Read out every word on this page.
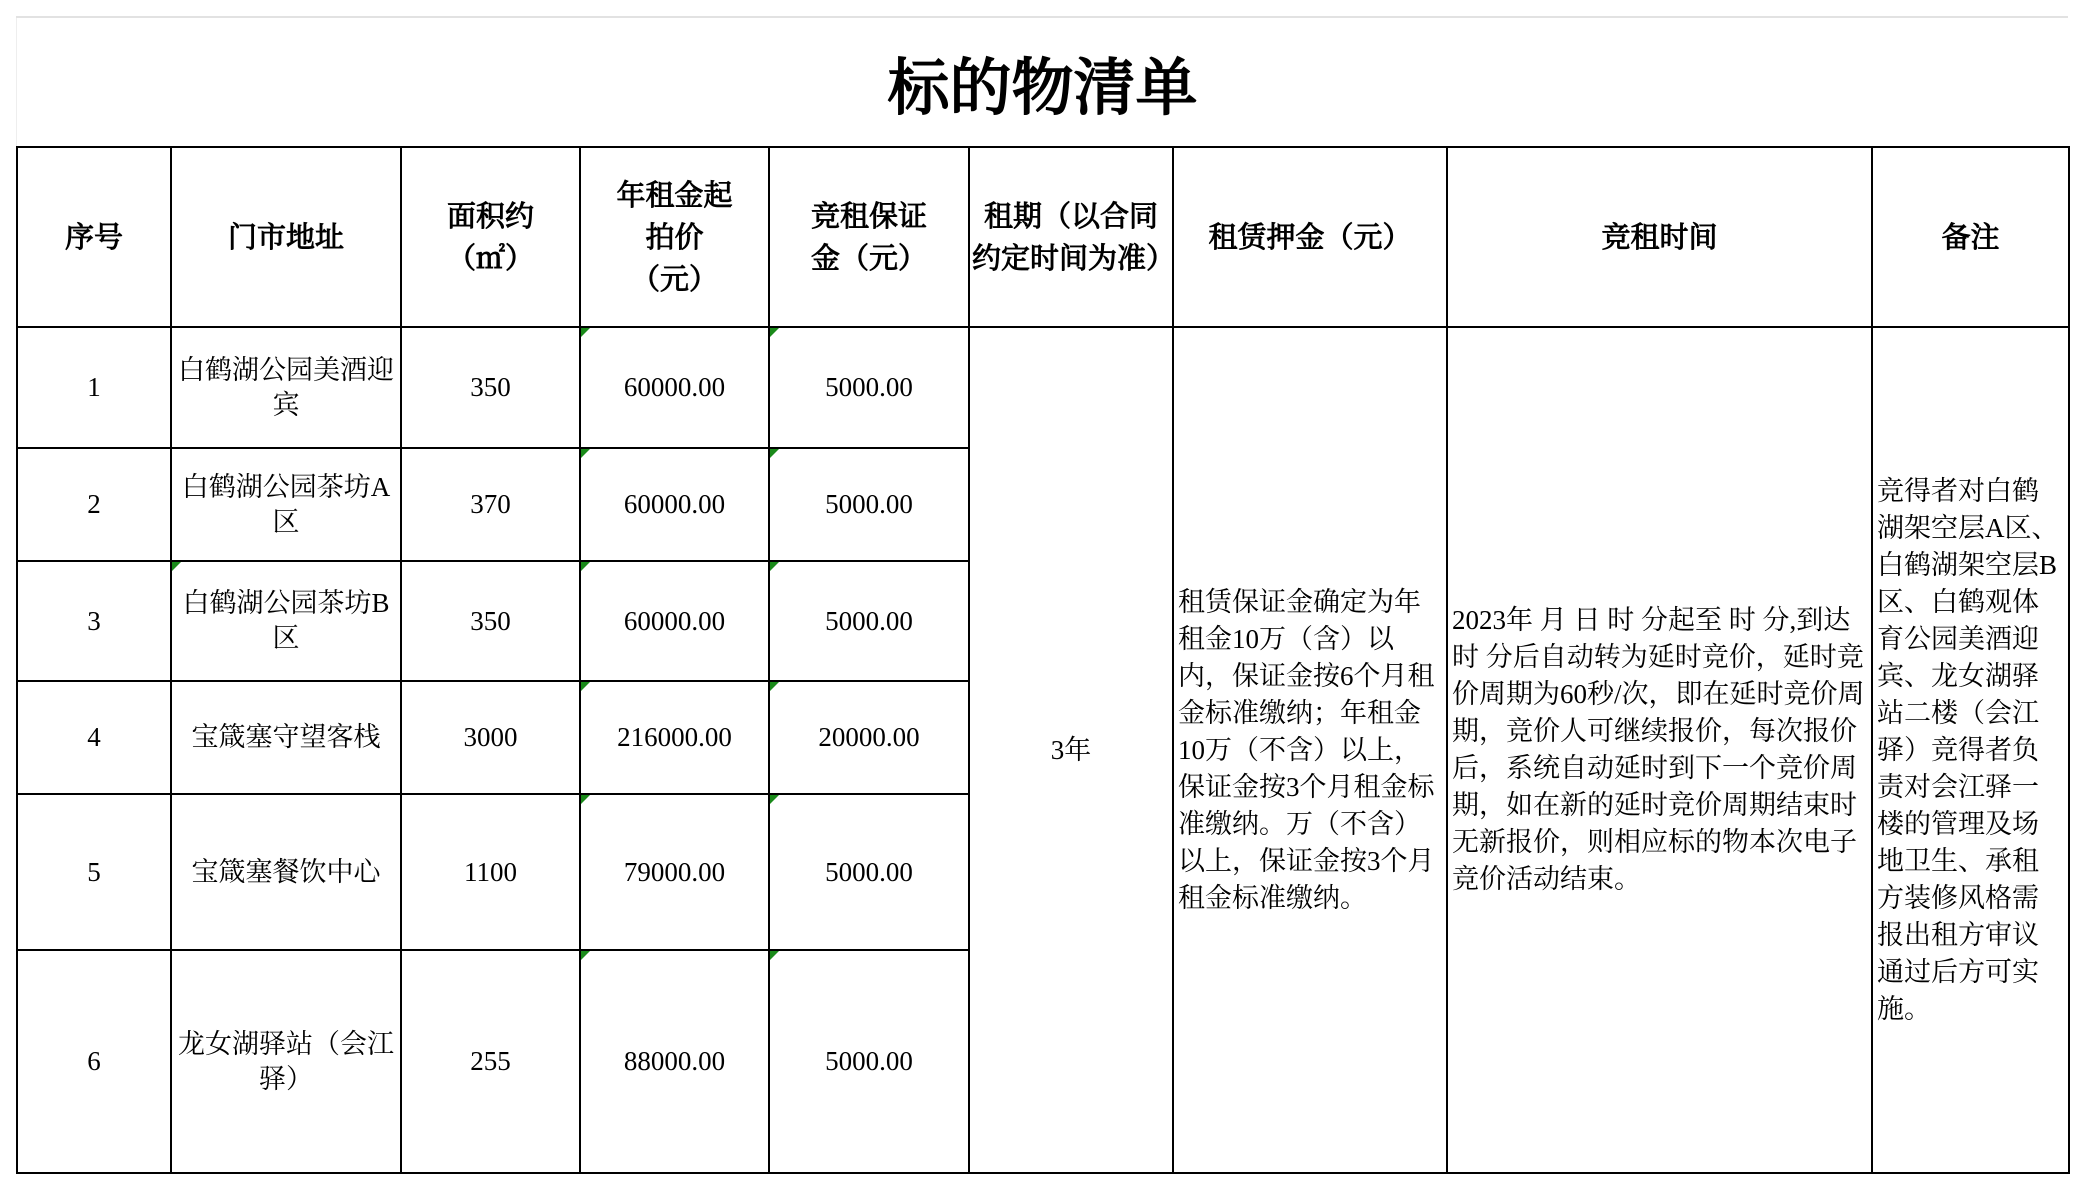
标的物清单
序号	门市地址	面积约（㎡）	年租金起拍价（元）	竞租保证金（元）	租期（以合同约定时间为准）	租赁押金（元）	竞租时间	备注
1	白鹤湖公园美酒迎宾	350	60000.00	5000.00	3年	租赁保证金确定为年租金10万（含）以内，保证金按6个月租金标准缴纳；年租金10万（不含）以上，保证金按3个月租金标准缴纳。万（不含）以上，保证金按3个月租金标准缴纳。	2023年 月 日 时 分起至 时 分,到达 时 分后自动转为延时竞价，延时竞价周期为60秒/次，即在延时竞价周期，竞价人可继续报价，每次报价后，系统自动延时到下一个竞价周期，如在新的延时竞价周期结束时无新报价，则相应标的物本次电子竞价活动结束。	竞得者对白鹤湖架空层A区、白鹤湖架空层B区、白鹤观体育公园美酒迎宾、龙女湖驿站二楼（会江驿）竞得者负责对会江驿一楼的管理及场地卫生、承租方装修风格需报出租方审议通过后方可实施。
2	白鹤湖公园茶坊A区	370	60000.00	5000.00				
3	白鹤湖公园茶坊B区	350	60000.00	5000.00				
4	宝箴塞守望客栈	3000	216000.00	20000.00				
5	宝箴塞餐饮中心	1100	79000.00	5000.00				
6	龙女湖驿站（会江驿）	255	88000.00	5000.00				
